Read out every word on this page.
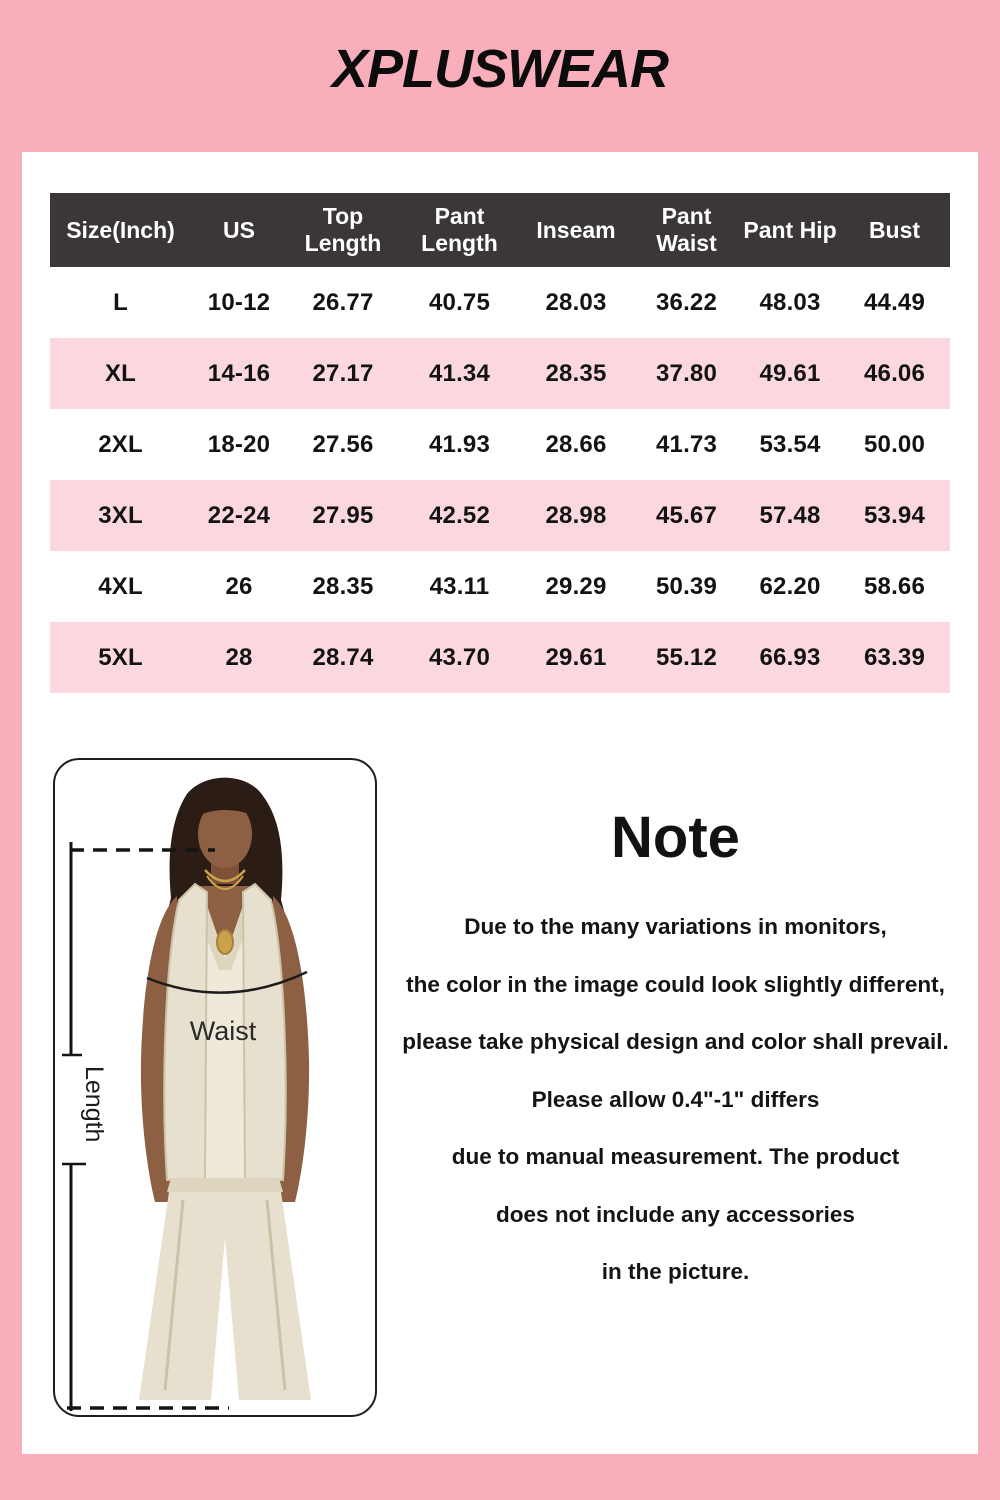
XPLUSWEAR
Size(Inch)	US	Top Length	Pant Length	Inseam	Pant Waist	Pant Hip	Bust
L	10-12	26.77	40.75	28.03	36.22	48.03	44.49
XL	14-16	27.17	41.34	28.35	37.80	49.61	46.06
2XL	18-20	27.56	41.93	28.66	41.73	53.54	50.00
3XL	22-24	27.95	42.52	28.98	45.67	57.48	53.94
4XL	26	28.35	43.11	29.29	50.39	62.20	58.66
5XL	28	28.74	43.70	29.61	55.12	66.93	63.39
Length
Waist
Note

Due to the many variations in monitors,

the color in the image could look slightly different,

please take physical design and color shall prevail.

Please allow 0.4"-1" differs

due to manual measurement. The product

does not include any accessories

in the picture.
